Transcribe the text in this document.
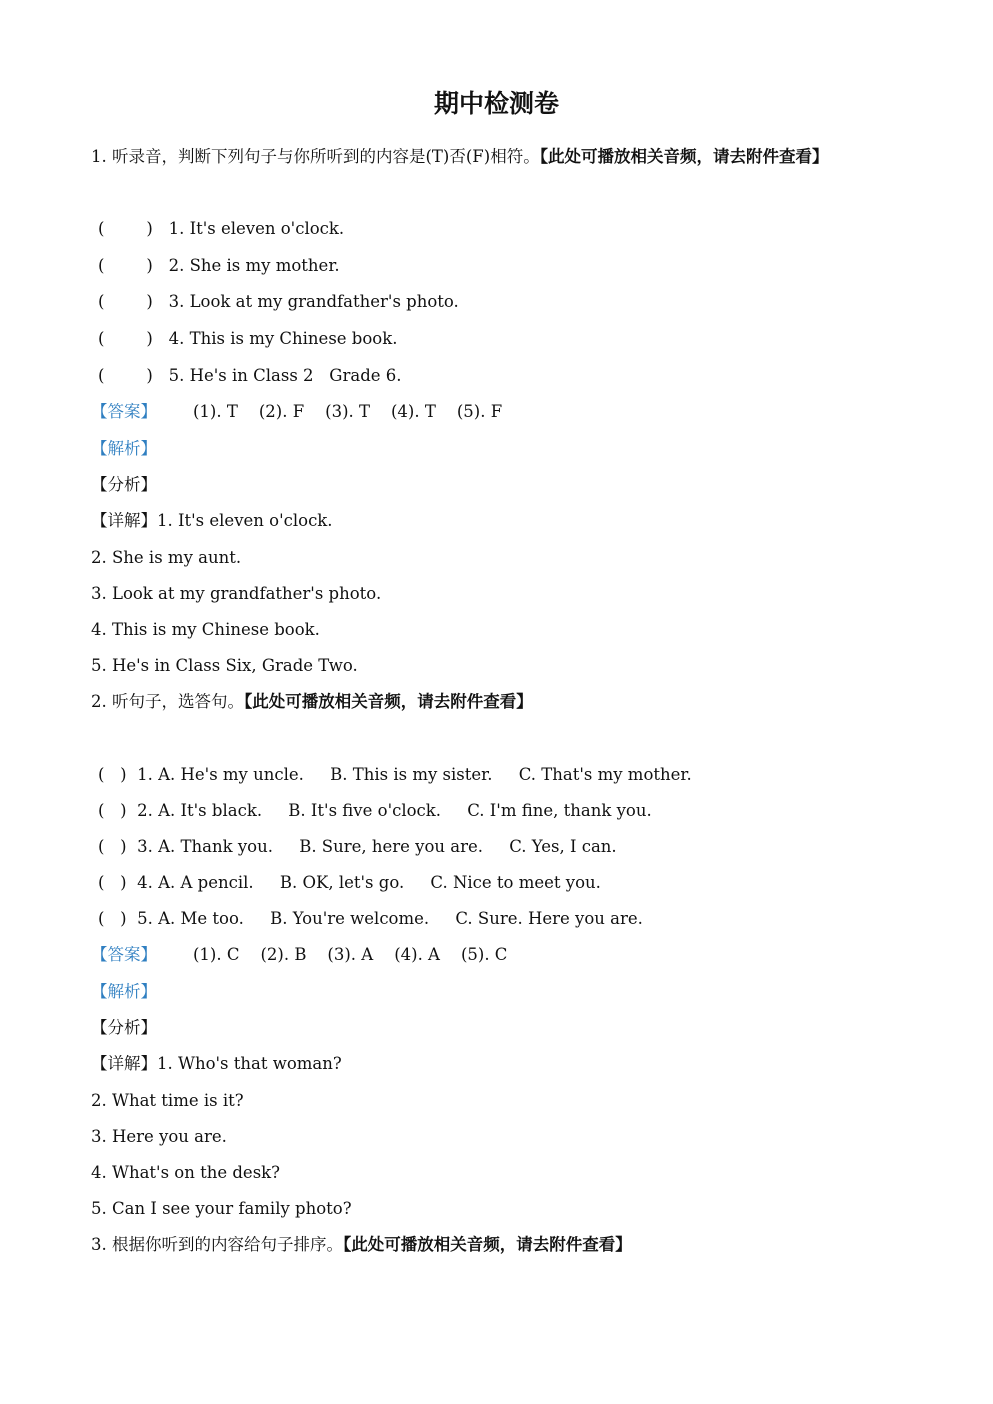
期中检测卷
1. 听录音，判断下列句子与你所听到的内容是(T)否(F)相符。【此处可播放相关音频，请去附件查看】
(        ) 1. It's eleven o'clock.
(        ) 2. She is my mother.
(        ) 3. Look at my grandfather's photo.
(        ) 4. This is my Chinese book.
(        ) 5. He's in Class 2   Grade 6.
【答案】 (1). T    (2). F    (3). T    (4). T    (5). F
【解析】
【分析】
【详解】1. It's eleven o'clock.
2. She is my aunt.
3. Look at my grandfather's photo.
4. This is my Chinese book.
5. He's in Class Six, Grade Two.
2. 听句子，选答句。【此处可播放相关音频，请去附件查看】
(   ) 1. A. He's my uncle.     B. This is my sister.     C. That's my mother.
(   ) 2. A. It's black.     B. It's five o'clock.     C. I'm fine, thank you.
(   ) 3. A. Thank you.     B. Sure, here you are.     C. Yes, I can.
(   ) 4. A. A pencil.     B. OK, let's go.     C. Nice to meet you.
(   ) 5. A. Me too.     B. You're welcome.     C. Sure. Here you are.
【答案】 (1). C    (2). B    (3). A    (4). A    (5). C
【解析】
【分析】
【详解】1. Who's that woman?
2. What time is it?
3. Here you are.
4. What's on the desk?
5. Can I see your family photo?
3. 根据你听到的内容给句子排序。【此处可播放相关音频，请去附件查看】
